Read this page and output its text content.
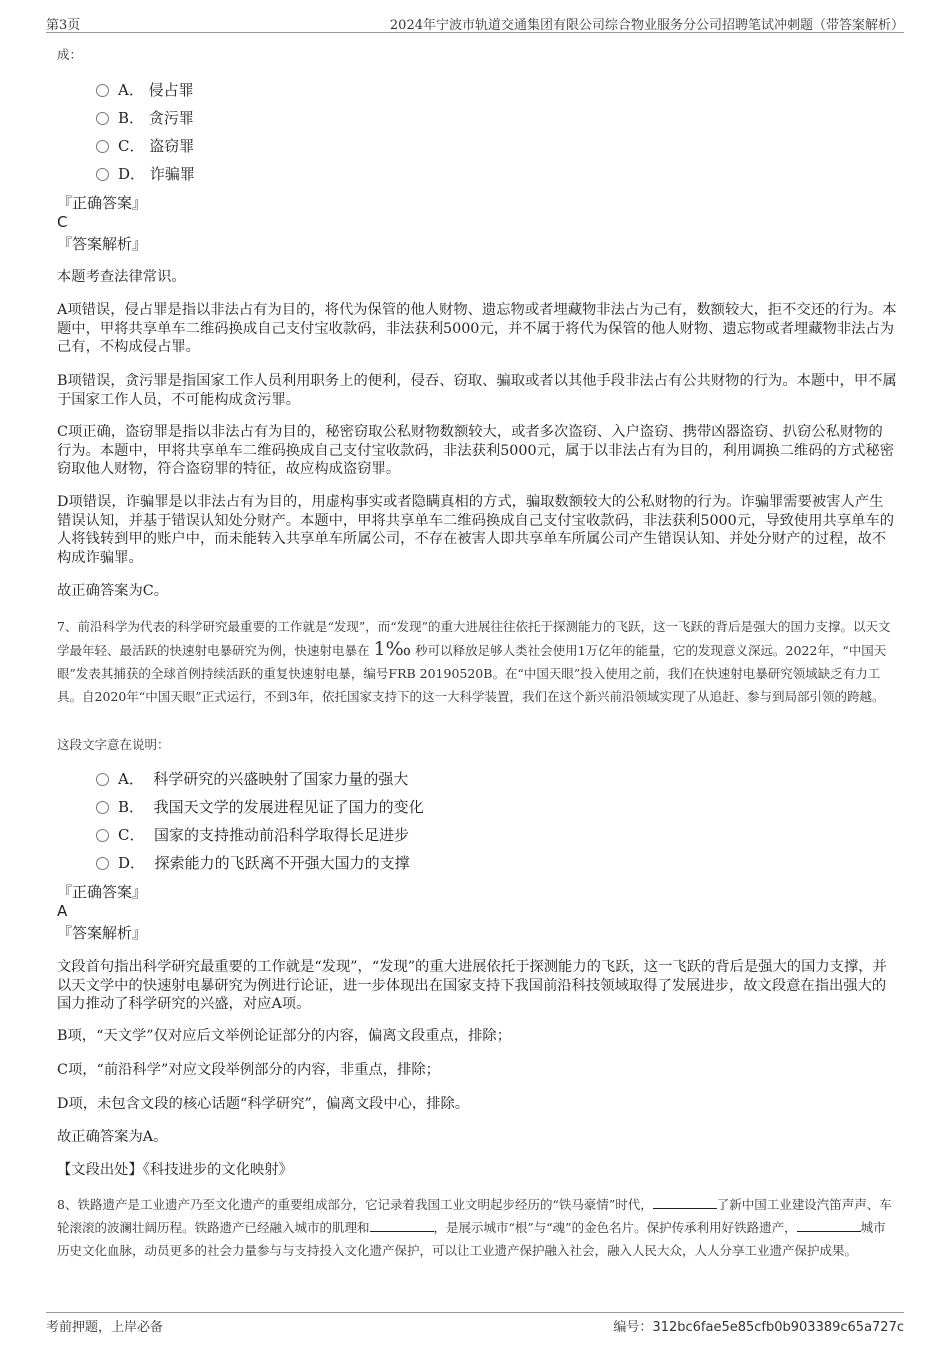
第3页	2024年宁波市轨道交通集团有限公司综合物业服务分公司招聘笔试冲刺题（带答案解析）
成：
A． 侵占罪
B． 贪污罪
C． 盗窃罪
D． 诈骗罪
『正确答案』
C
『答案解析』
本题考查法律常识。
A项错误，侵占罪是指以非法占有为目的，将代为保管的他人财物、遗忘物或者埋藏物非法占为己有，数额较大，拒不交还的行为。本题中，甲将共享单车二维码换成自己支付宝收款码，非法获利5000元，并不属于将代为保管的他人财物、遗忘物或者埋藏物非法占为己有，不构成侵占罪。
B项错误，贪污罪是指国家工作人员利用职务上的便利，侵吞、窃取、骗取或者以其他手段非法占有公共财物的行为。本题中，甲不属于国家工作人员，不可能构成贪污罪。
C项正确，盗窃罪是指以非法占有为目的，秘密窃取公私财物数额较大，或者多次盗窃、入户盗窃、携带凶器盗窃、扒窃公私财物的行为。本题中，甲将共享单车二维码换成自己支付宝收款码，非法获利5000元，属于以非法占有为目的，利用调换二维码的方式秘密窃取他人财物，符合盗窃罪的特征，故应构成盗窃罪。
D项错误，诈骗罪是以非法占有为目的，用虚构事实或者隐瞒真相的方式，骗取数额较大的公私财物的行为。诈骗罪需要被害人产生错误认知，并基于错误认知处分财产。本题中，甲将共享单车二维码换成自己支付宝收款码，非法获利5000元，导致使用共享单车的人将钱转到甲的账户中，而未能转入共享单车所属公司，不存在被害人即共享单车所属公司产生错误认知、并处分财产的过程，故不构成诈骗罪。
故正确答案为C。
7、前沿科学为代表的科学研究最重要的工作就是“发现”，而“发现”的重大进展往往依托于探测能力的飞跃，这一飞跃的背后是强大的国力支撑。以天文学最年轻、最活跃的快速射电暴研究为例，快速射电暴在 1‰ 秒可以释放足够人类社会使用1万亿年的能量，它的发现意义深远。2022年，“中国天眼”发表其捕获的全球首例持续活跃的重复快速射电暴，编号FRB 20190520B。在“中国天眼”投入使用之前，我们在快速射电暴研究领域缺乏有力工具。自2020年“中国天眼”正式运行，不到3年，依托国家支持下的这一大科学装置，我们在这个新兴前沿领域实现了从追赶、参与到局部引领的跨越。
这段文字意在说明：
A． 科学研究的兴盛映射了国家力量的强大
B． 我国天文学的发展进程见证了国力的变化
C． 国家的支持推动前沿科学取得长足进步
D． 探索能力的飞跃离不开强大国力的支撑
『正确答案』
A
『答案解析』
文段首句指出科学研究最重要的工作就是“发现”，“发现”的重大进展依托于探测能力的飞跃，这一飞跃的背后是强大的国力支撑，并以天文学中的快速射电暴研究为例进行论证，进一步体现出在国家支持下我国前沿科技领域取得了发展进步，故文段意在指出强大的国力推动了科学研究的兴盛，对应A项。
B项，“天文学”仅对应后文举例论证部分的内容，偏离文段重点，排除；
C项，“前沿科学”对应文段举例部分的内容，非重点，排除；
D项，未包含文段的核心话题“科学研究”，偏离文段中心，排除。
故正确答案为A。
【文段出处】《科技进步的文化映射》
8、铁路遗产是工业遗产乃至文化遗产的重要组成部分，它记录着我国工业文明起步经历的“铁马豪情”时代，	了新中国工业建设汽笛声声、车轮滚滚的波澜壮阔历程。铁路遗产已经融入城市的肌理和	，是展示城市“根”与“魂”的金色名片。保护传承利用好铁路遗产，	城市历史文化血脉，动员更多的社会力量参与与支持投入文化遗产保护，可以让工业遗产保护融入社会，融入人民大众，人人分享工业遗产保护成果。
考前押题，上岸必备	编号：312bc6fae5e85cfb0b903389c65a727c
